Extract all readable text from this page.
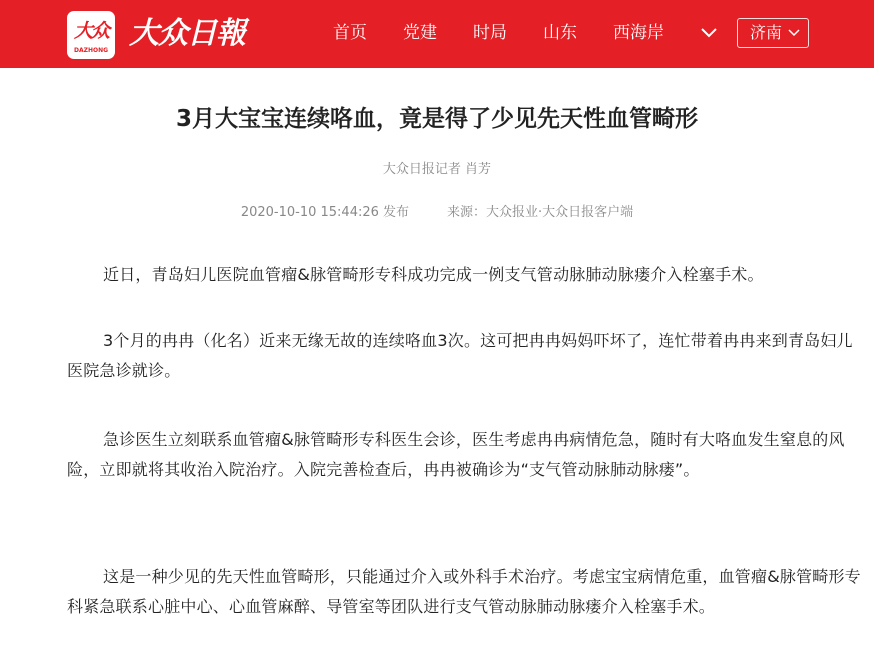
大众
DAZHONG 大众日報	首页 党建 时局 山东 西海岸	济南
3月大宝宝连续咯血，竟是得了少见先天性血管畸形
大众日报记者 肖芳
2020-10-10 15:44:26 发布	来源：大众报业·大众日报客户端

近日，青岛妇儿医院血管瘤&脉管畸形专科成功完成一例支气管动脉肺动脉瘘介入栓塞手术。

3个月的冉冉（化名）近来无缘无故的连续咯血3次。这可把冉冉妈妈吓坏了，连忙带着冉冉来到青岛妇儿医院急诊就诊。

急诊医生立刻联系血管瘤&脉管畸形专科医生会诊，医生考虑冉冉病情危急，随时有大咯血发生窒息的风险，立即就将其收治入院治疗。入院完善检查后，冉冉被确诊为“支气管动脉肺动脉瘘”。

这是一种少见的先天性血管畸形，只能通过介入或外科手术治疗。考虑宝宝病情危重，血管瘤&脉管畸形专科紧急联系心脏中心、心血管麻醉、导管室等团队进行支气管动脉肺动脉瘘介入栓塞手术。
